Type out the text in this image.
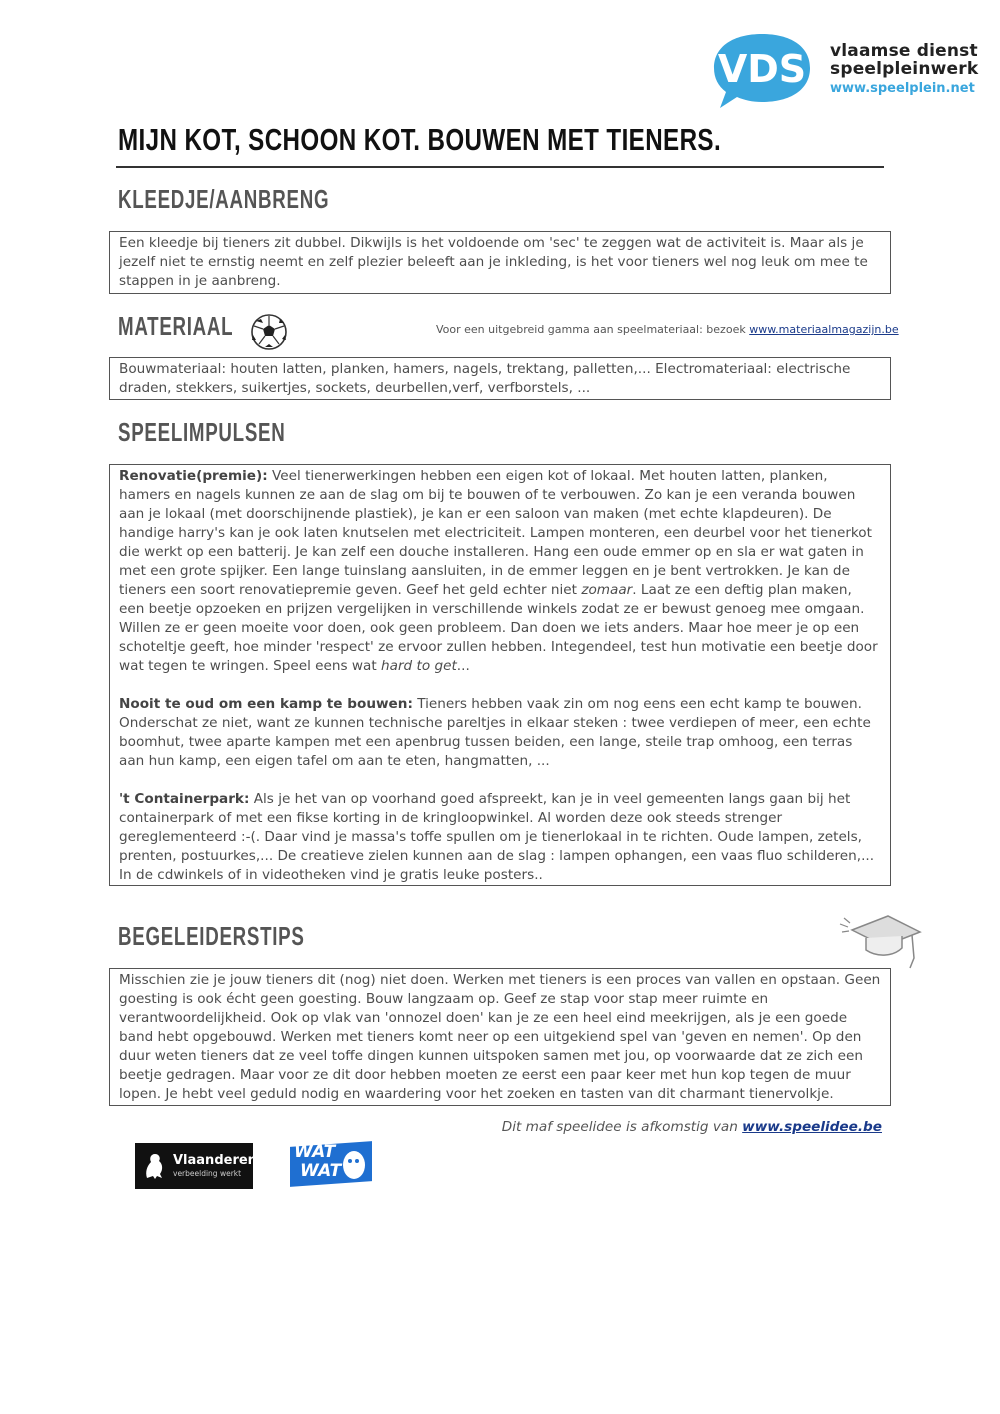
VDS vlaamse dienst
speelpleinwerk
www.speelplein.net
MIJN KOT, SCHOON KOT. BOUWEN MET TIENERS.
KLEEDJE/AANBRENG

Een kleedje bij tieners zit dubbel. Dikwijls is het voldoende om 'sec' te zeggen wat de activiteit is. Maar als je jezelf niet te ernstig neemt en zelf plezier beleeft aan je inkleding, is het voor tieners wel nog leuk om mee te stappen in je aanbreng.

MATERIAAL	Voor een uitgebreid gamma aan speelmateriaal: bezoek www.materiaalmagazijn.be

Bouwmateriaal: houten latten, planken, hamers, nagels, trektang, palletten,... Electromateriaal: electrische draden, stekkers, suikertjes, sockets, deurbellen,verf, verfborstels, ...

SPEELIMPULSEN

Renovatie(premie): Veel tienerwerkingen hebben een eigen kot of lokaal. Met houten latten, planken, hamers en nagels kunnen ze aan de slag om bij te bouwen of te verbouwen. Zo kan je een veranda bouwen aan je lokaal (met doorschijnende plastiek), je kan er een saloon van maken (met echte klapdeuren). De handige harry's kan je ook laten knutselen met electriciteit. Lampen monteren, een deurbel voor het tienerkot die werkt op een batterij. Je kan zelf een douche installeren. Hang een oude emmer op en sla er wat gaten in met een grote spijker. Een lange tuinslang aansluiten, in de emmer leggen en je bent vertrokken. Je kan de tieners een soort renovatiepremie geven. Geef het geld echter niet zomaar. Laat ze een deftig plan maken, een beetje opzoeken en prijzen vergelijken in verschillende winkels zodat ze er bewust genoeg mee omgaan. Willen ze er geen moeite voor doen, ook geen probleem. Dan doen we iets anders. Maar hoe meer je op een schoteltje geeft, hoe minder 'respect' ze ervoor zullen hebben. Integendeel, test hun motivatie een beetje door wat tegen te wringen. Speel eens wat hard to get...

Nooit te oud om een kamp te bouwen: Tieners hebben vaak zin om nog eens een echt kamp te bouwen. Onderschat ze niet, want ze kunnen technische pareltjes in elkaar steken : twee verdiepen of meer, een echte boomhut, twee aparte kampen met een apenbrug tussen beiden, een lange, steile trap omhoog, een terras aan hun kamp, een eigen tafel om aan te eten, hangmatten, ...

't Containerpark: Als je het van op voorhand goed afspreekt, kan je in veel gemeenten langs gaan bij het containerpark of met een fikse korting in de kringloopwinkel. Al worden deze ook steeds strenger gereglementeerd :-(. Daar vind je massa's toffe spullen om je tienerlokaal in te richten. Oude lampen, zetels, prenten, postuurkes,... De creatieve zielen kunnen aan de slag : lampen ophangen, een vaas fluo schilderen,... In de cdwinkels of in videotheken vind je gratis leuke posters..

BEGELEIDERSTIPS

Misschien zie je jouw tieners dit (nog) niet doen. Werken met tieners is een proces van vallen en opstaan. Geen goesting is ook écht geen goesting. Bouw langzaam op. Geef ze stap voor stap meer ruimte en verantwoordelijkheid. Ook op vlak van 'onnozel doen' kan je ze een heel eind meekrijgen, als je een goede band hebt opgebouwd. Werken met tieners komt neer op een uitgekiend spel van 'geven en nemen'. Op den duur weten tieners dat ze veel toffe dingen kunnen uitspoken samen met jou, op voorwaarde dat ze zich een beetje gedragen. Maar voor ze dit door hebben moeten ze eerst een paar keer met hun kop tegen de muur lopen. Je hebt veel geduld nodig en waardering voor het zoeken en tasten van dit charmant tienervolkje.

Dit maf speelidee is afkomstig van www.speelidee.be
Vlaanderen
verbeelding werkt
WAT
WAT
